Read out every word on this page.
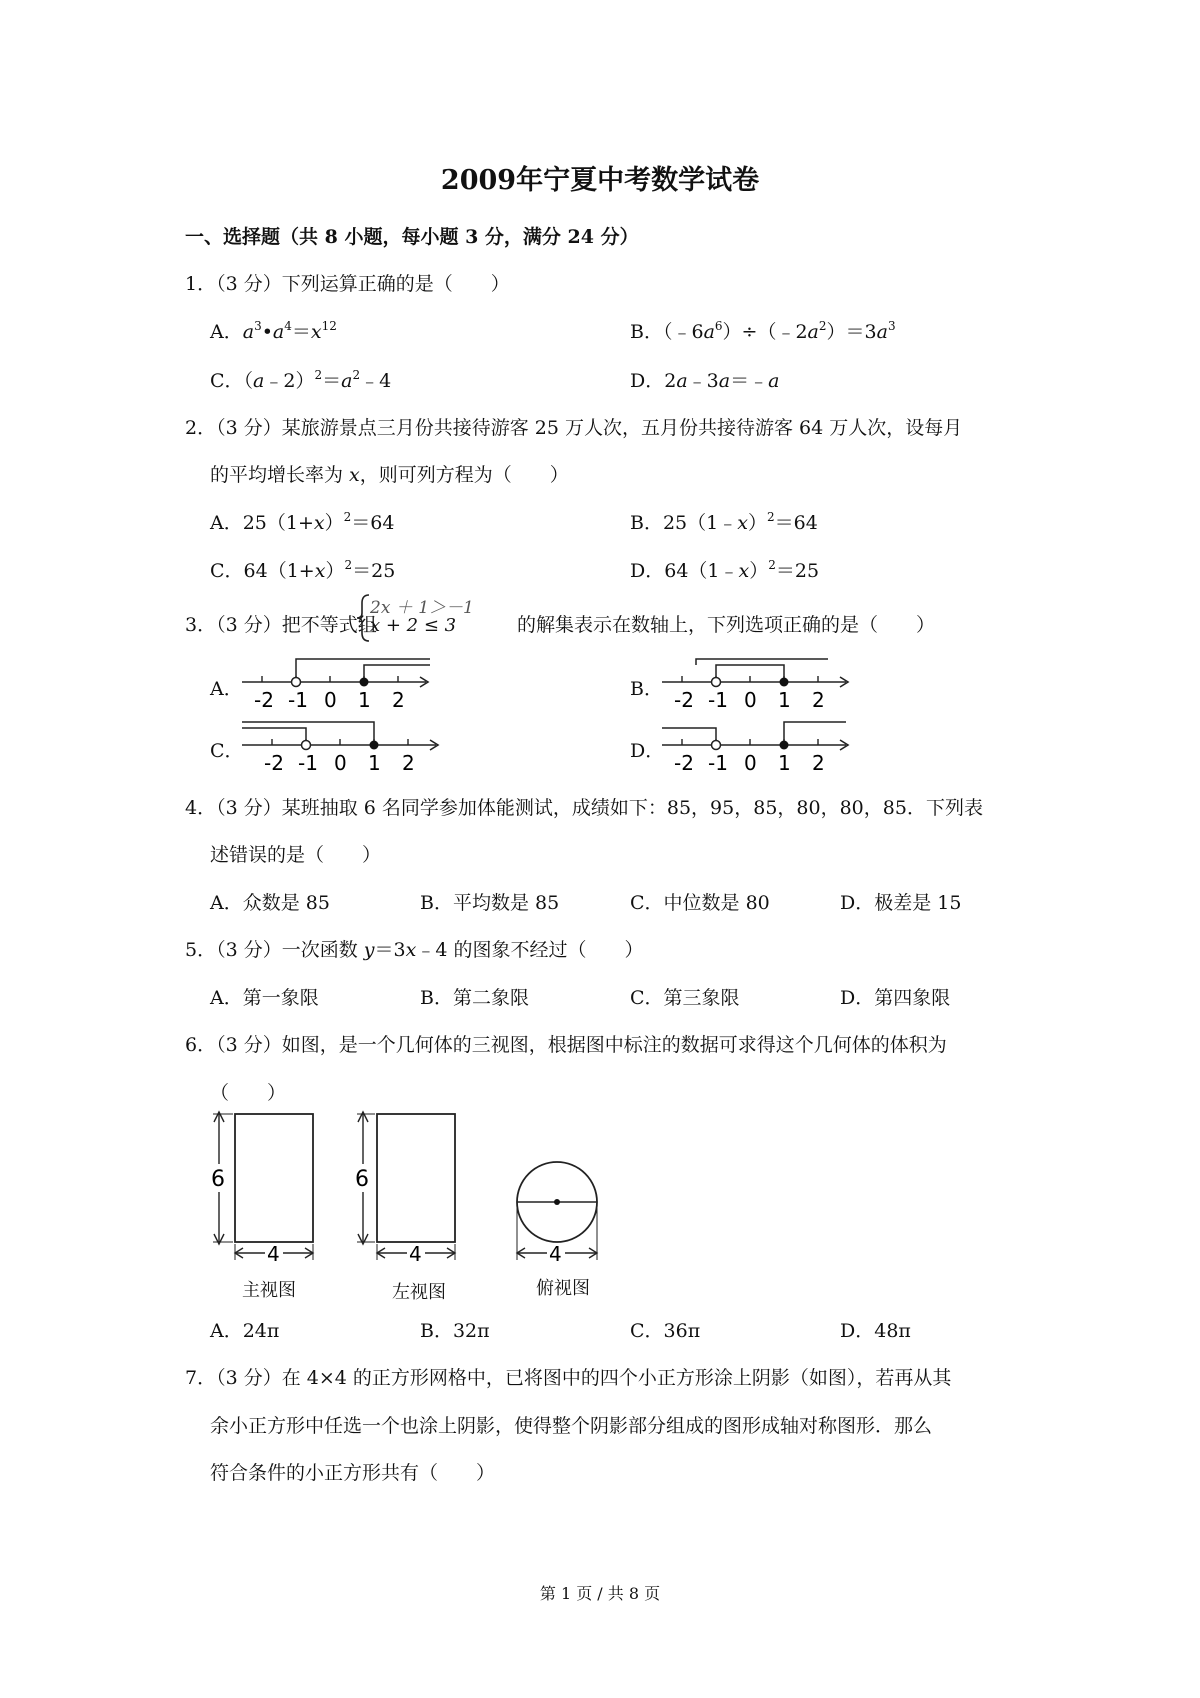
2009年宁夏中考数学试卷
一、选择题（共 8 小题，每小题 3 分，满分 24 分）
1．（3 分）下列运算正确的是（　　）
A．$a^3•a^4=x^{12}$	B．$(﹣6a^6)\div(﹣2a^2)=3a^3$
C．$(a﹣2)^2=a^2﹣4$	D．2a﹣3a＝﹣a
2．（3 分）某旅游景点三月份共接待游客 25 万人次，五月份共接待游客 64 万人次，设每月
的平均增长率为 x，则可列方程为（　　）
A．$25(1+x)^2=64$	B．25（1﹣x）$^2$＝64
C．$64(1+x)^2=25$	D．64（1﹣x）$^2$＝25
3．（3 分）把不等式组
2x ＋ 1＞－1
x + 2 ≤ 3	的解集表示在数轴上，下列选项正确的是（　　）
A．	B．
C．	D．
-2 -1 0 1 2	-2 -1 0 1 2
-2 -1 0 1 2	-2 -1 0 1 2
4．（3 分）某班抽取 6 名同学参加体能测试，成绩如下：85，95，85，80，80，85．下列表
述错误的是（　　）
A．众数是 85	B．平均数是 85	C．中位数是 80	D．极差是 15
5．（3 分）一次函数 y＝3x﹣4 的图象不经过（　　）
A．第一象限	B．第二象限	C．第三象限	D．第四象限
6．（3 分）如图，是一个几何体的三视图，根据图中标注的数据可求得这个几何体的体积为
（　　）
6
4
6
4	4
主视图	左视图	俯视图
A．24π	B．32π	C．36π	D．48π
7．（3 分）在 4×4 的正方形网格中，已将图中的四个小正方形涂上阴影（如图），若再从其
余小正方形中任选一个也涂上阴影，使得整个阴影部分组成的图形成轴对称图形．那么
符合条件的小正方形共有（　　）
第 1 页 / 共 8 页
